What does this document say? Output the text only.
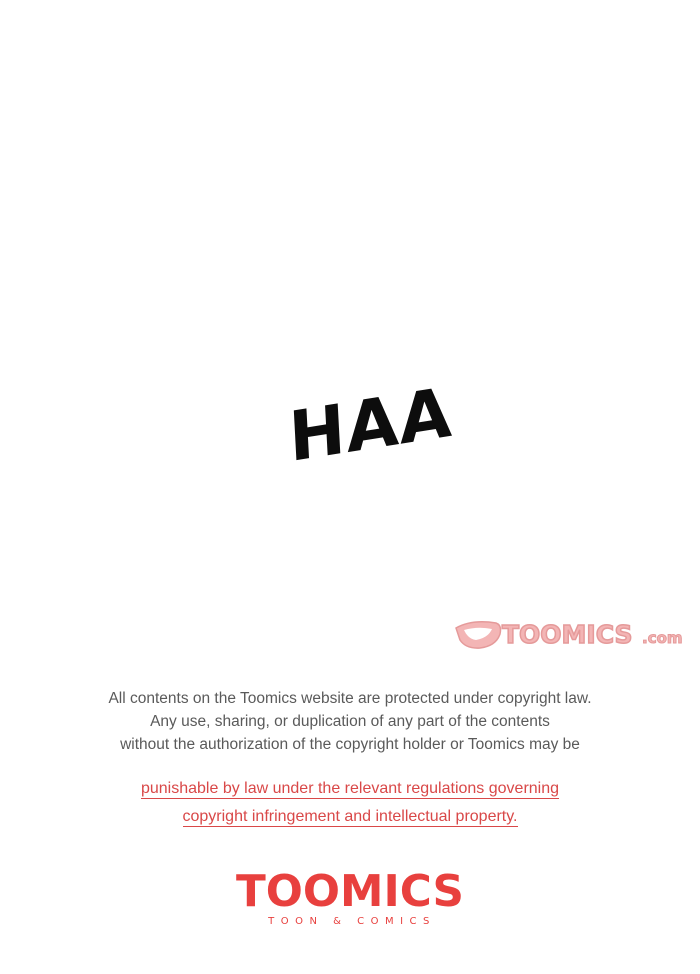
HAA
TOOMICS .com
All contents on the Toomics website are protected under copyright law.
Any use, sharing, or duplication of any part of the contents
without the authorization of the copyright holder or Toomics may be
punishable by law under the relevant regulations governing
copyright infringement and intellectual property.
TOOMICS
TOON & COMICS
